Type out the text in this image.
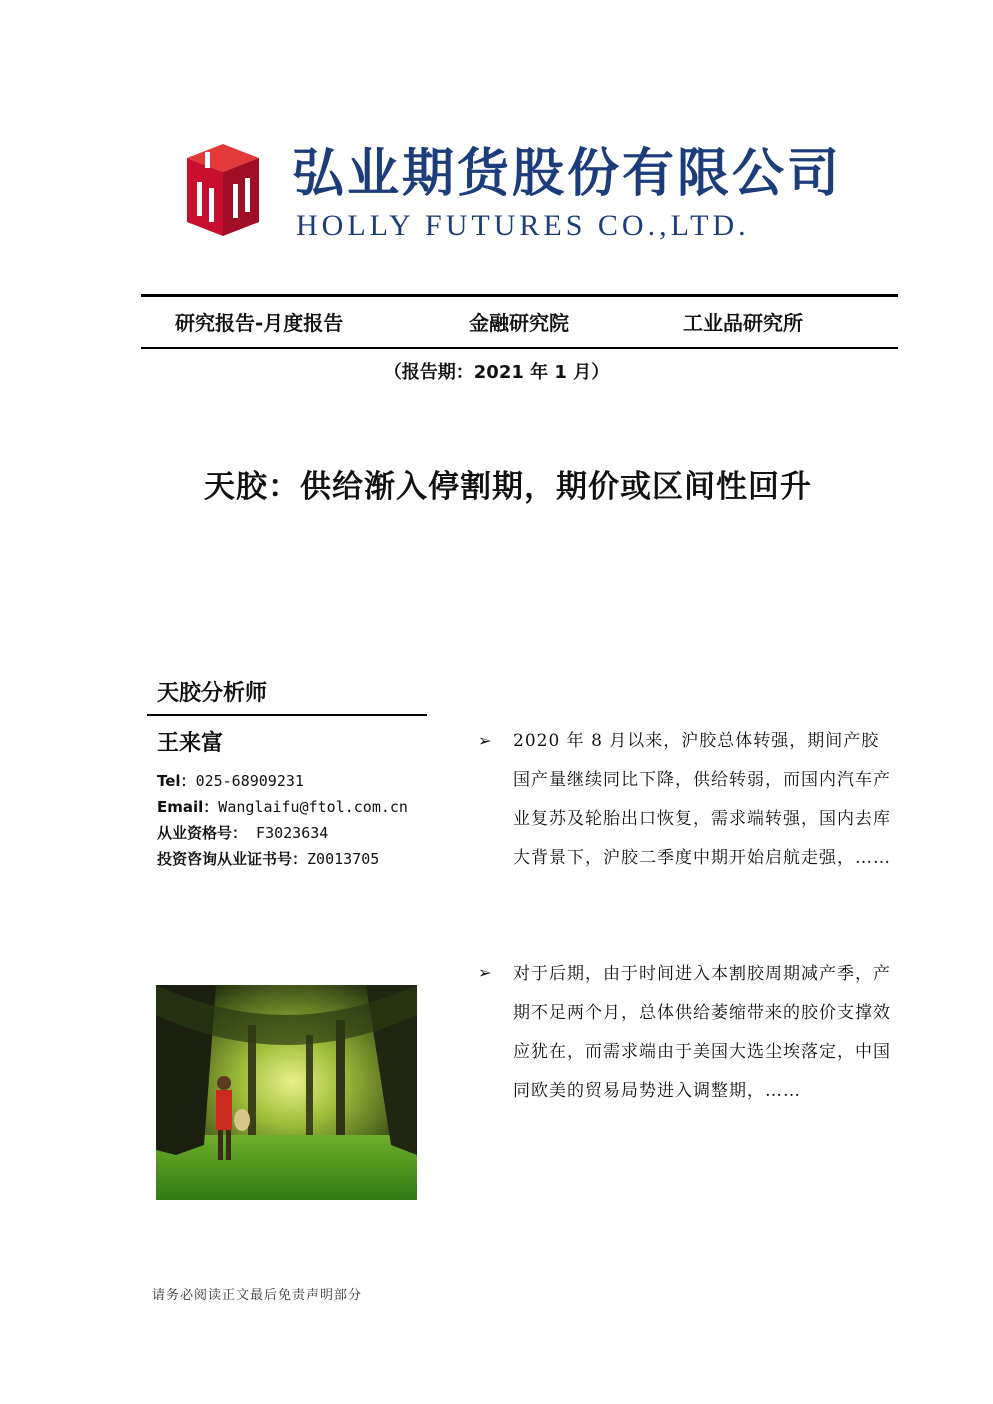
弘业期货股份有限公司
HOLLY FUTURES CO.,LTD.
研究报告-月度报告	金融研究院	工业品研究所
（报告期：2021 年 1 月）
天胶：供给渐入停割期，期价或区间性回升
天胶分析师
王来富
Tel：025-68909231
Email：Wanglaifu@ftol.com.cn
从业资格号： F3023634
投资咨询从业证书号：Z0013705
➢ 2020 年 8 月以来，沪胶总体转强，期间产胶国产量继续同比下降，供给转弱，而国内汽车产业复苏及轮胎出口恢复，需求端转强，国内去库大背景下，沪胶二季度中期开始启航走强，……
➢ 对于后期，由于时间进入本割胶周期减产季，产期不足两个月，总体供给萎缩带来的胶价支撑效应犹在，而需求端由于美国大选尘埃落定，中国同欧美的贸易局势进入调整期，……
请务必阅读正文最后免责声明部分
